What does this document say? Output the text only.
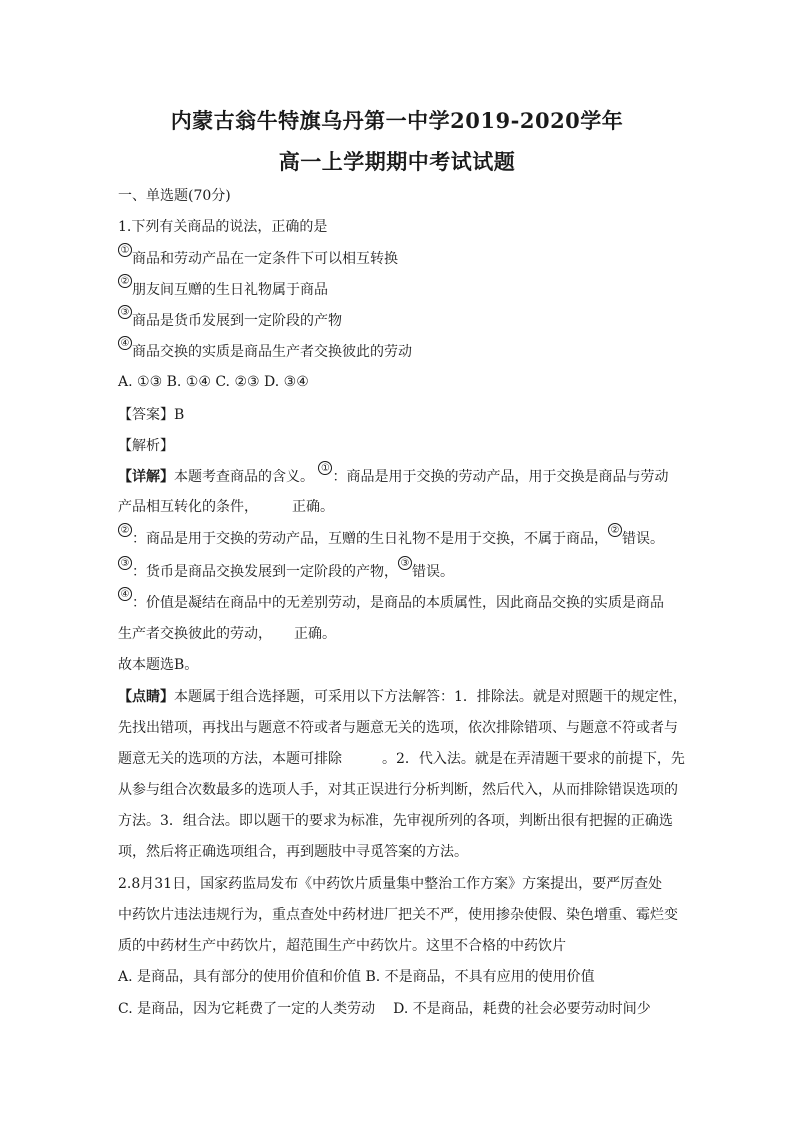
内蒙古翁牛特旗乌丹第一中学2019-2020学年
高一上学期期中考试试题
一、单选题(70分)
1.下列有关商品的说法，正确的是
①商品和劳动产品在一定条件下可以相互转换
②朋友间互赠的生日礼物属于商品
③商品是货币发展到一定阶段的产物
④商品交换的实质是商品生产者交换彼此的劳动
A. ①③ B. ①④ C. ②③ D. ③④
【答案】B
【解析】
【详解】本题考查商品的含义。 ①：商品是用于交换的劳动产品，用于交换是商品与劳动
产品相互转化的条件， 正确。
②：商品是用于交换的劳动产品，互赠的生日礼物不是用于交换，不属于商品，②错误。
③：货币是商品交换发展到一定阶段的产物，③错误。
④：价值是凝结在商品中的无差别劳动，是商品的本质属性，因此商品交换的实质是商品
生产者交换彼此的劳动， 正确。
故本题选B。
【点睛】本题属于组合选择题，可采用以下方法解答：1．排除法。就是对照题干的规定性，
先找出错项，再找出与题意不符或者与题意无关的选项，依次排除错项、与题意不符或者与
题意无关的选项的方法，本题可排除	。2．代入法。就是在弄清题干要求的前提下，先
从参与组合次数最多的选项人手，对其正误进行分析判断，然后代入，从而排除错误选项的
方法。3．组合法。即以题干的要求为标准，先审视所列的各项，判断出很有把握的正确选
项，然后将正确选项组合，再到题肢中寻觅答案的方法。
2.8月31日，国家药监局发布《中药饮片质量集中整治工作方案》方案提出，要严厉查处
中药饮片违法违规行为，重点查处中药材进厂把关不严，使用掺杂使假、染色增重、霉烂变
质的中药材生产中药饮片，超范围生产中药饮片。这里不合格的中药饮片
A. 是商品，具有部分的使用价值和价值 B. 不是商品，不具有应用的使用价值
C. 是商品，因为它耗费了一定的人类劳动 D. 不是商品，耗费的社会必要劳动时间少
